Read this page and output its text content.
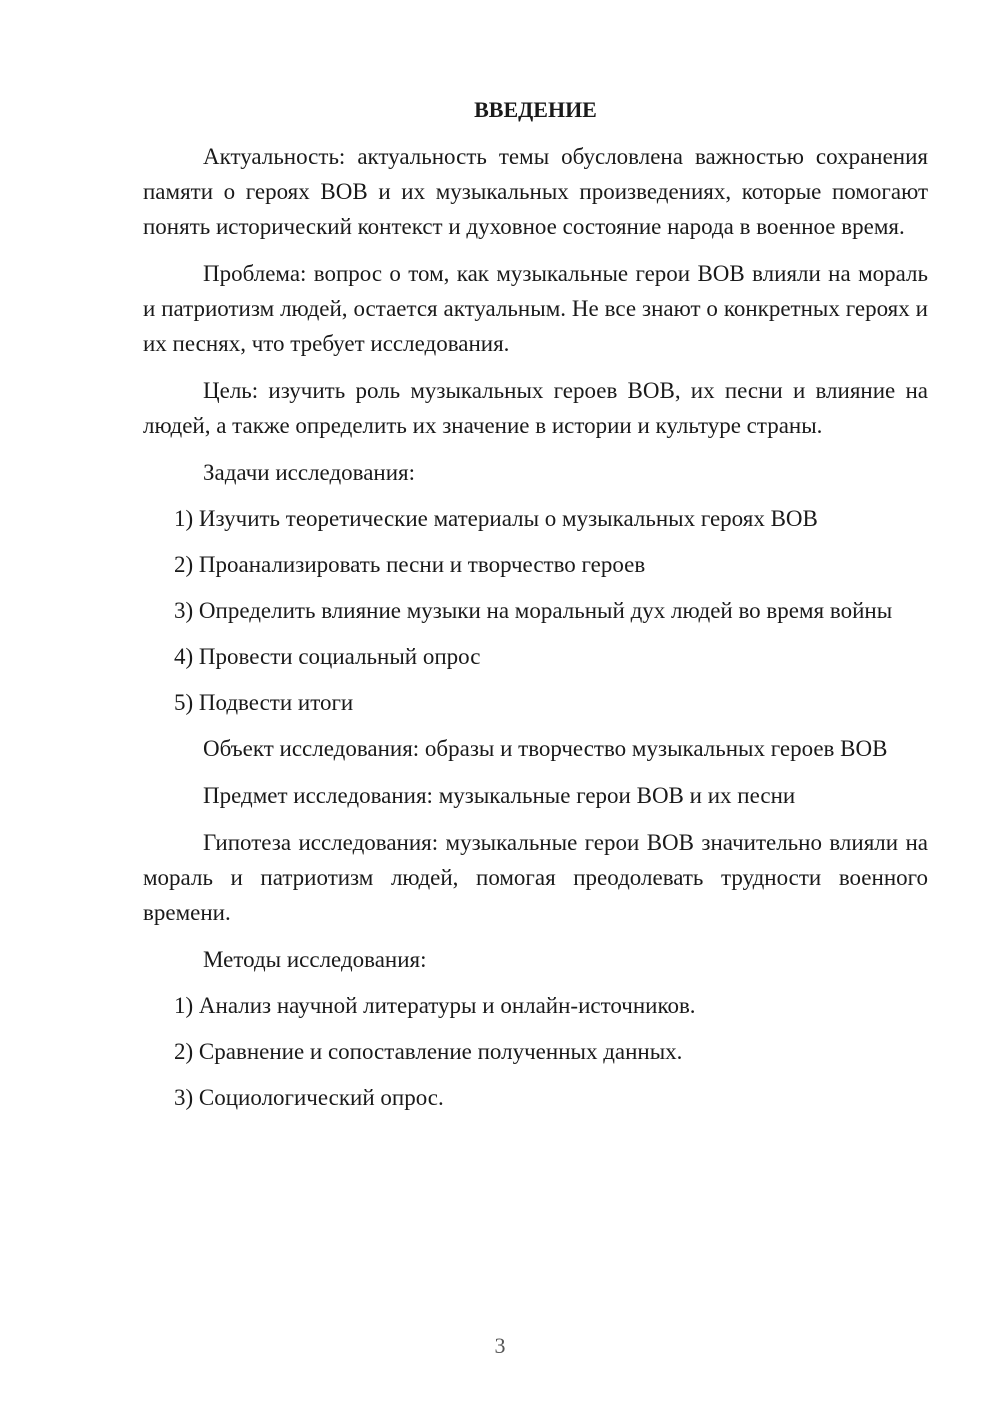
ВВЕДЕНИЕ
Актуальность: актуальность темы обусловлена важностью сохранения памяти о героях ВОВ и их музыкальных произведениях, которые помогают понять исторический контекст и духовное состояние народа в военное время.
Проблема: вопрос о том, как музыкальные герои ВОВ влияли на мораль и патриотизм людей, остается актуальным. Не все знают о конкретных героях и их песнях, что требует исследования.
Цель: изучить роль музыкальных героев ВОВ, их песни и влияние на людей, а также определить их значение в истории и культуре страны.
Задачи исследования:
1) Изучить теоретические материалы о музыкальных героях ВОВ
2) Проанализировать песни и творчество героев
3) Определить влияние музыки на моральный дух людей во время войны
4) Провести социальный опрос
5) Подвести итоги
Объект исследования: образы и творчество музыкальных героев ВОВ
Предмет исследования: музыкальные герои ВОВ и их песни
Гипотеза исследования: музыкальные герои ВОВ значительно влияли на мораль и патриотизм людей, помогая преодолевать трудности военного времени.
Методы исследования:
1) Анализ научной литературы и онлайн-источников.
2) Сравнение и сопоставление полученных данных.
3) Социологический опрос.
3
